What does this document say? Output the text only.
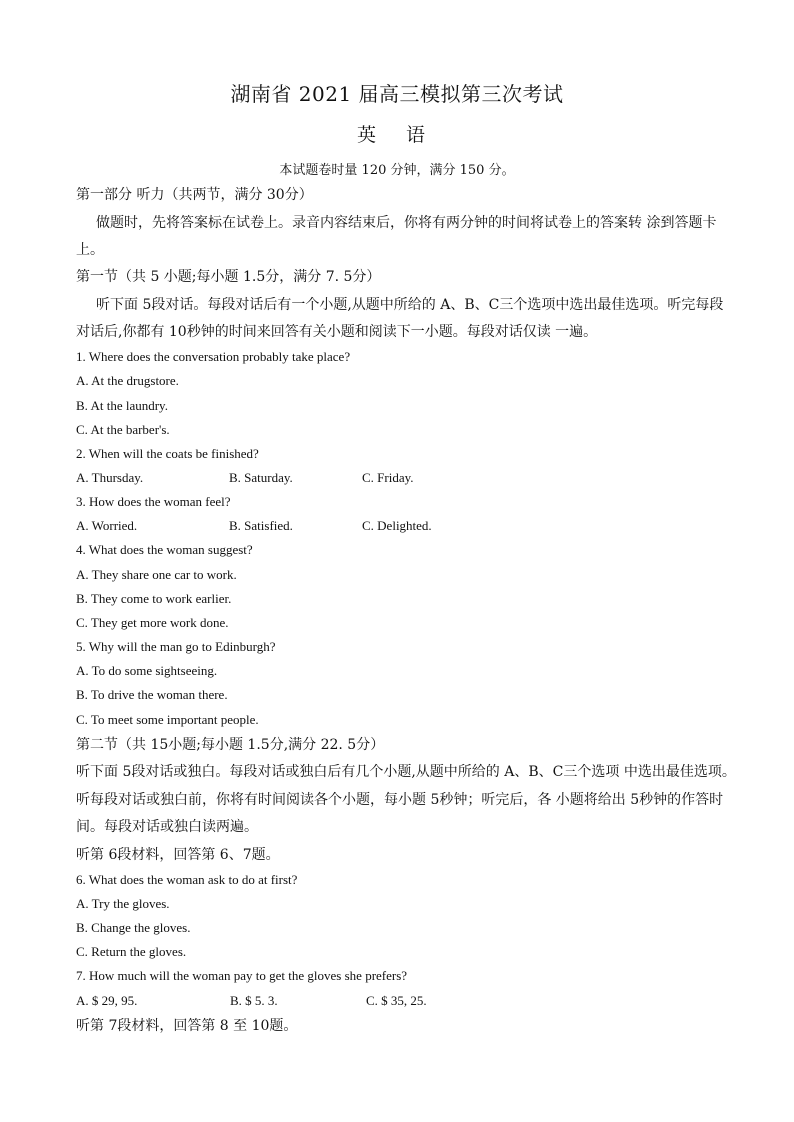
湖南省 2021 届高三模拟第三次考试
英 语
本试题卷时量 120 分钟，满分 150 分。
第一部分 听力（共两节，满分 30分）
做题时，先将答案标在试卷上。录音内容结束后，你将有两分钟的时间将试卷上的答案转 涂到答题卡
上。
第一节（共 5 小题;每小题 1.5分，满分 7. 5分）
听下面 5段对话。每段对话后有一个小题,从题中所给的 A、B、C三个选项中选出最佳选项。听完每段
对话后,你都有 10秒钟的时间来回答有关小题和阅读下一小题。每段对话仅读 一遍。
1. Where does the conversation probably take place?
A. At the drugstore.
B. At the laundry.
C. At the barber's.
2. When will the coats be finished?
A. Thursday.	B. Saturday.	C. Friday.
3. How does the woman feel?
A. Worried.	B. Satisfied.	C. Delighted.
4. What does the woman suggest?
A. They share one car to work.
B. They come to work earlier.
C. They get more work done.
5. Why will the man go to Edinburgh?
A. To do some sightseeing.
B. To drive the woman there.
C. To meet some important people.
第二节（共 15小题;每小题 1.5分,满分 22. 5分）
听下面 5段对话或独白。每段对话或独白后有几个小题,从题中所给的 A、B、C三个选项 中选出最佳选项。
听每段对话或独白前，你将有时间阅读各个小题，每小题 5秒钟；听完后，各 小题将给出 5秒钟的作答时
间。每段对话或独白读两遍。
听第 6段材料，回答第 6、7题。
6. What does the woman ask to do at first?
A. Try the gloves.
B. Change the gloves.
C. Return the gloves.
7. How much will the woman pay to get the gloves she prefers?
A. $ 29, 95.	B. $ 5. 3.	C. $ 35, 25.
听第 7段材料，回答第 8 至 10题。
